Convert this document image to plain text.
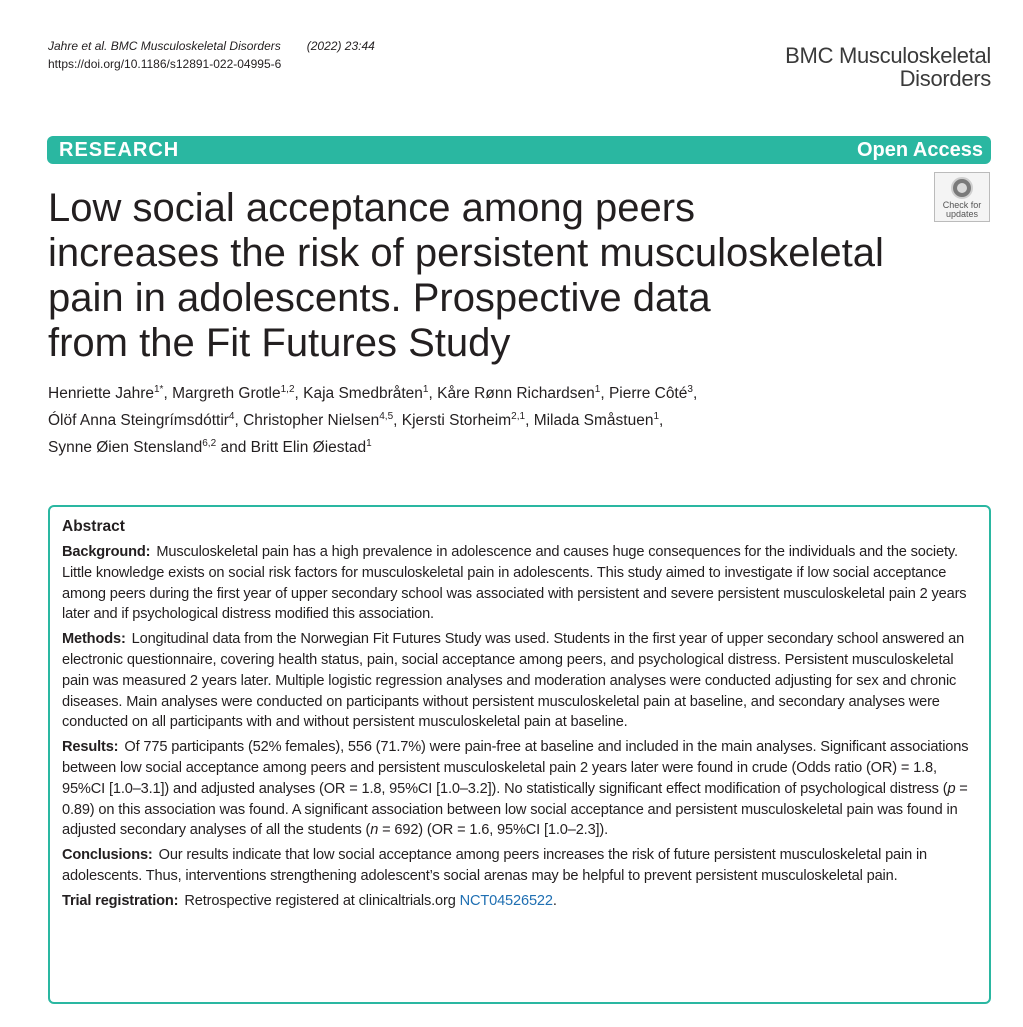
Jahre et al. BMC Musculoskeletal Disorders (2022) 23:44
https://doi.org/10.1186/s12891-022-04995-6	BMC Musculoskeletal
Disorders
RESEARCH	Open Access
Check for
updates
Low social acceptance among peers
increases the risk of persistent musculoskeletal
pain in adolescents. Prospective data
from the Fit Futures Study
Henriette Jahre$^{1*}$, Margreth Grotle$^{1,2}$, Kaja Smedbråten$^1$, Kåre Rønn Richardsen$^1$, Pierre Côté$^3$,
Ólöf Anna Steingrímsdóttir$^4$, Christopher Nielsen$^{4,5}$, Kjersti Storheim$^{2,1}$, Milada Småstuen$^1$,
Synne Øien Stensland$^{6,2}$ and Britt Elin Øiestad$^1$
Abstract

Background: Musculoskeletal pain has a high prevalence in adolescence and causes huge consequences for the individuals and the society. Little knowledge exists on social risk factors for musculoskeletal pain in adolescents. This study aimed to investigate if low social acceptance among peers during the first year of upper secondary school was associated with persistent and severe persistent musculoskeletal pain 2 years later and if psychological distress modified this association.

Methods: Longitudinal data from the Norwegian Fit Futures Study was used. Students in the first year of upper secondary school answered an electronic questionnaire, covering health status, pain, social acceptance among peers, and psychological distress. Persistent musculoskeletal pain was measured 2 years later. Multiple logistic regression analyses and moderation analyses were conducted adjusting for sex and chronic diseases. Main analyses were conducted on participants without persistent musculoskeletal pain at baseline, and secondary analyses were conducted on all participants with and without persistent musculoskeletal pain at baseline.

Results: Of 775 participants (52% females), 556 (71.7%) were pain-free at baseline and included in the main analyses. Significant associations between low social acceptance among peers and persistent musculoskeletal pain 2 years later were found in crude (Odds ratio (OR) = 1.8, 95%CI [1.0–3.1]) and adjusted analyses (OR = 1.8, 95%CI [1.0–3.2]). No statistically significant effect modification of psychological distress (p = 0.89) on this association was found. A significant association between low social acceptance and persistent musculoskeletal pain was found in adjusted secondary analyses of all the students (n = 692) (OR = 1.6, 95%CI [1.0–2.3]).

Conclusions: Our results indicate that low social acceptance among peers increases the risk of future persistent musculoskeletal pain in adolescents. Thus, interventions strengthening adolescent’s social arenas may be helpful to prevent persistent musculoskeletal pain.

Trial registration: Retrospective registered at clinicaltrials.org NCT04526522.
